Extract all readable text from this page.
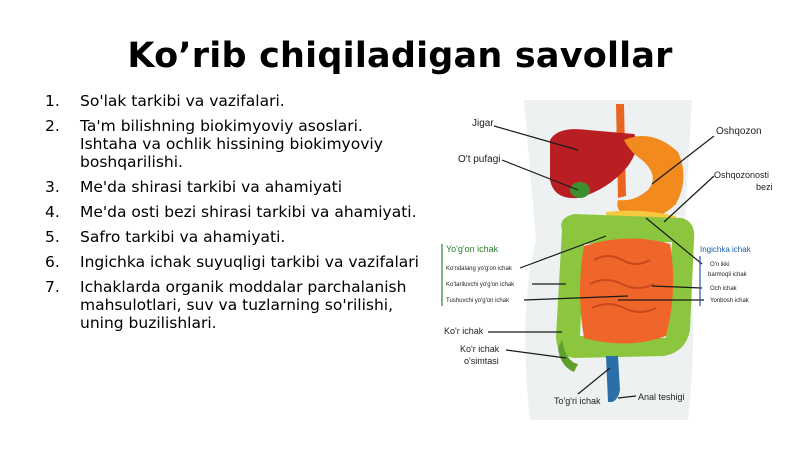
Ko’rib chiqiladigan savollar
1. So'lak tarkibi va vazifalari.
2. Ta'm bilishning biokimyoviy asoslari. Ishtaha va ochlik hissining biokimyoviy boshqarilishi.
3. Me'da shirasi tarkibi va ahamiyati
4. Me'da osti bezi shirasi tarkibi va ahamiyati.
5. Safro tarkibi va ahamiyati.
6. Ingichka ichak suyuqligi tarkibi va vazifalari
7. Ichaklarda organik moddalar parchalanish mahsulotlari, suv va tuzlarning so'rilishi, uning buzilishlari.
Jigar
O't pufagi
Oshqozon
Oshqozonosti
bezi
Yo'g'on ichak
Ko'ndalang yo'g'on ichak
Ko'tariluvchi yo'g'on ichak
Tushuvchi yo'g'on ichak
Ko'r ichak
Ko'r ichak
o'simtasi
To'g'ri ichak	Anal teshigi
Ingichka ichak
O'n ikki
barmoqli ichak
Och ichak
Yonbosh ichak
